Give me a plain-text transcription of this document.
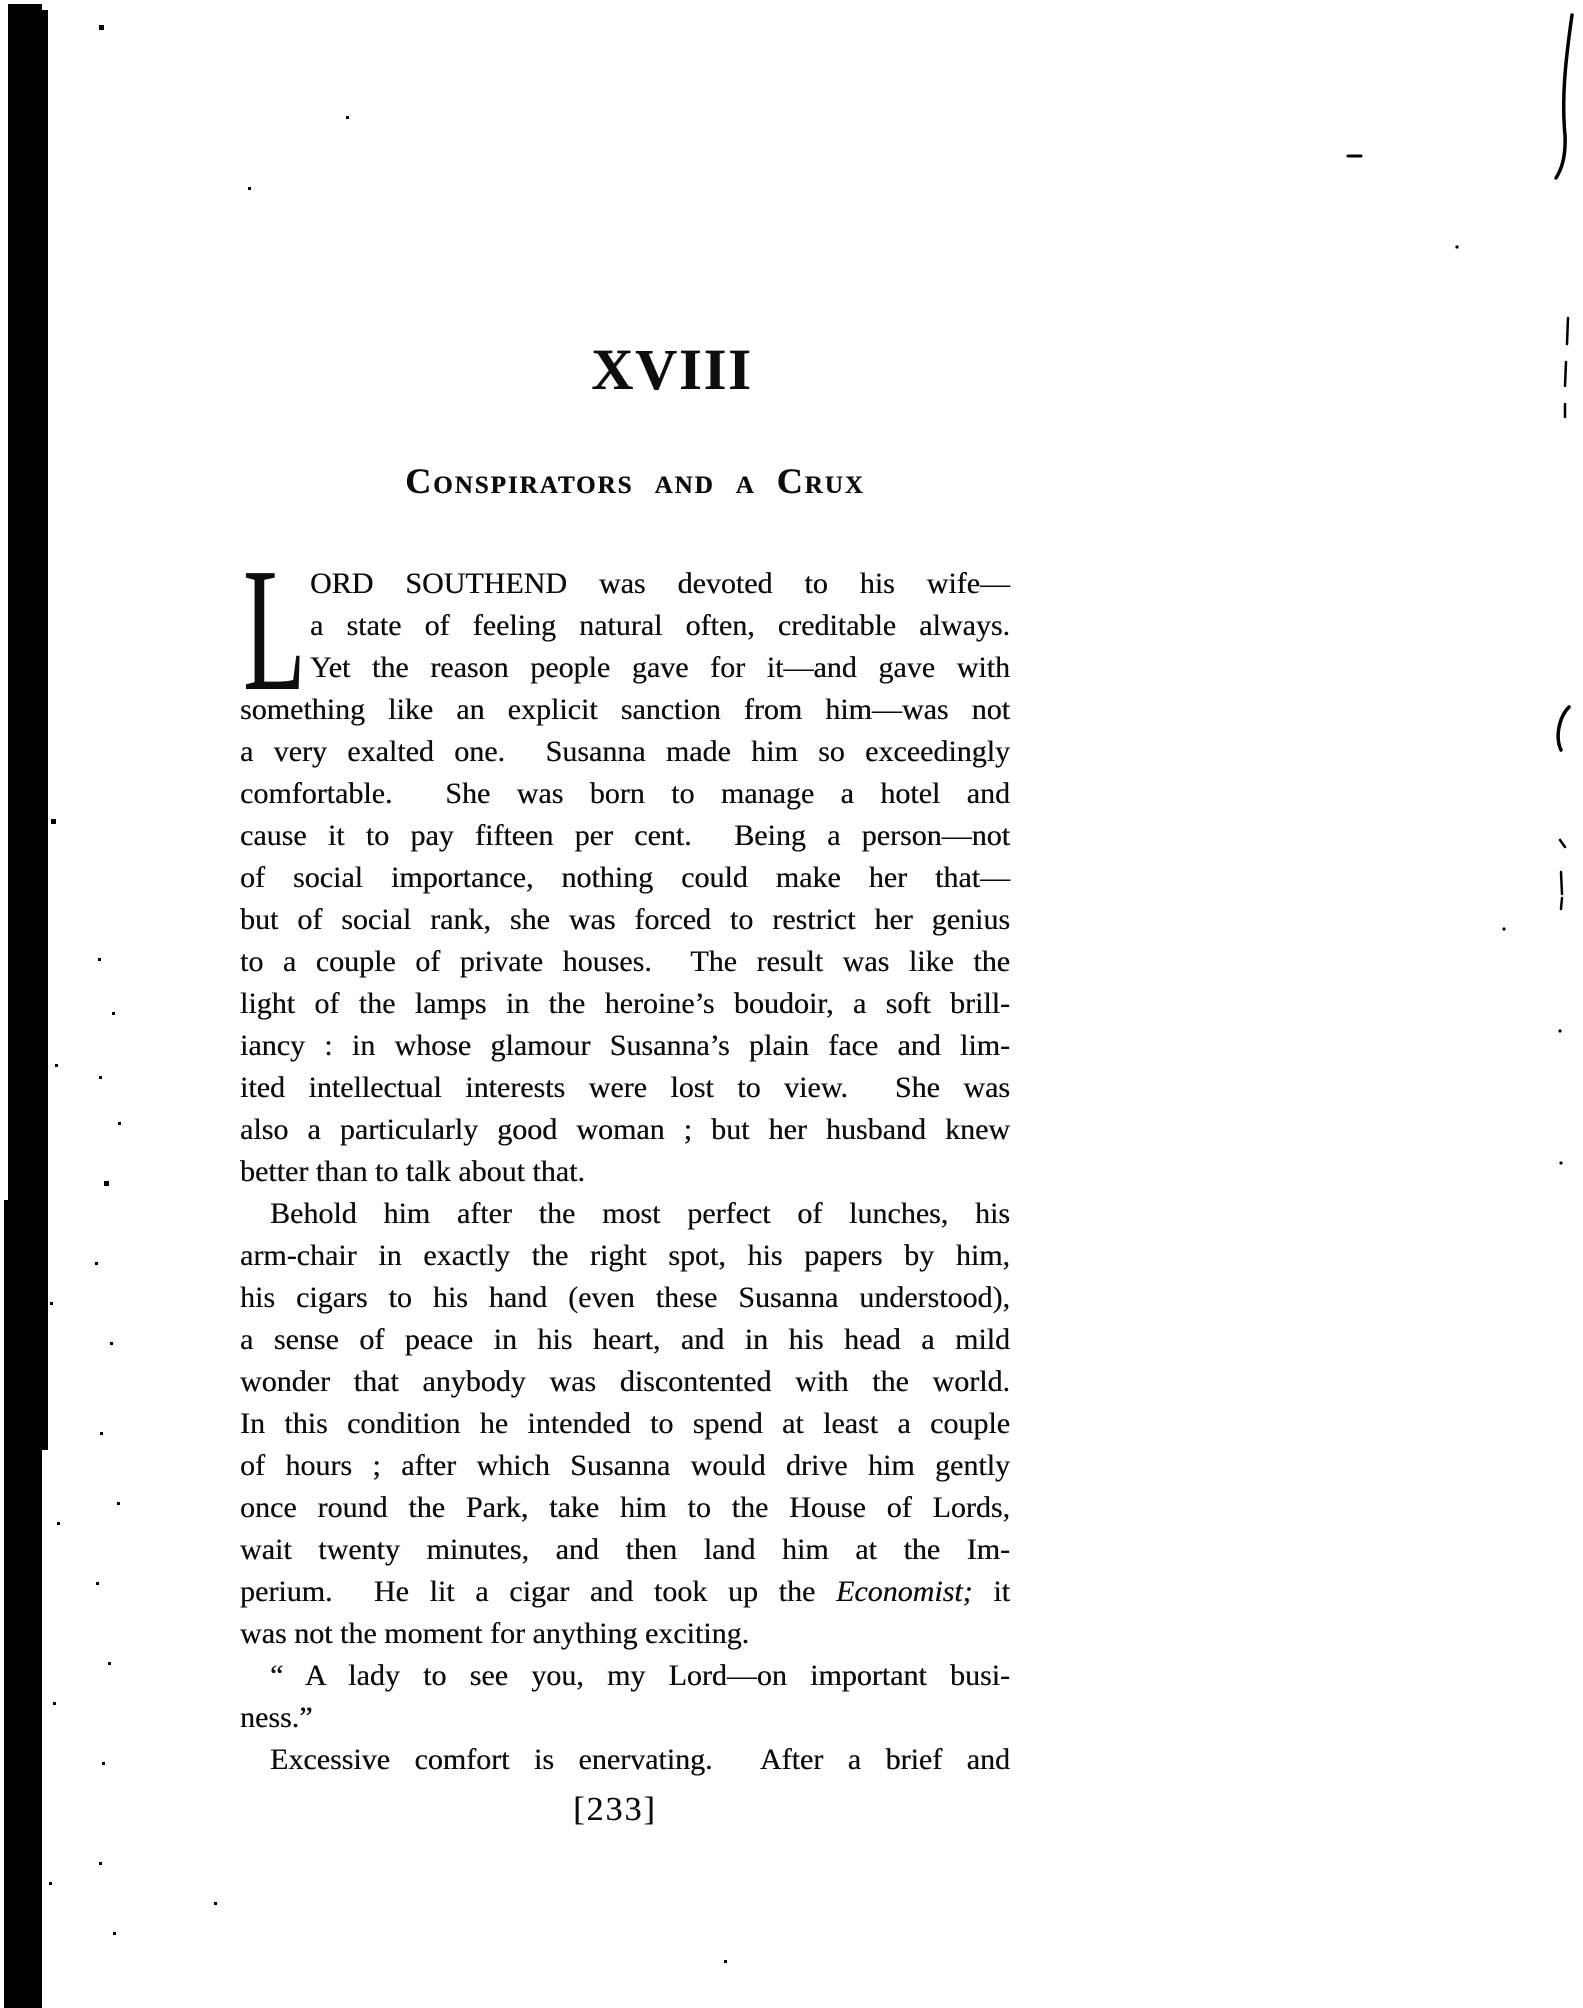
XVIII
Conspirators and a Crux
L ORD SOUTHEND was devoted to his wife—
a state of feeling natural often, creditable always.
Yet the reason people gave for it—and gave with
something like an explicit sanction from him—was not
a very exalted one.  Susanna made him so exceedingly
comfortable.  She was born to manage a hotel and
cause it to pay fifteen per cent.  Being a person—not
of social importance, nothing could make her that—
but of social rank, she was forced to restrict her genius
to a couple of private houses.  The result was like the
light of the lamps in the heroine’s boudoir, a soft brill-
iancy : in whose glamour Susanna’s plain face and lim-
ited intellectual interests were lost to view.  She was
also a particularly good woman ; but her husband knew
better than to talk about that.
Behold him after the most perfect of lunches, his
arm-chair in exactly the right spot, his papers by him,
his cigars to his hand (even these Susanna understood),
a sense of peace in his heart, and in his head a mild
wonder that anybody was discontented with the world.
In this condition he intended to spend at least a couple
of hours ; after which Susanna would drive him gently
once round the Park, take him to the House of Lords,
wait twenty minutes, and then land him at the Im-
perium.  He lit a cigar and took up the Economist; it
was not the moment for anything exciting.
“ A lady to see you, my Lord—on important busi-
ness.”
Excessive comfort is enervating.  After a brief and
[233]
